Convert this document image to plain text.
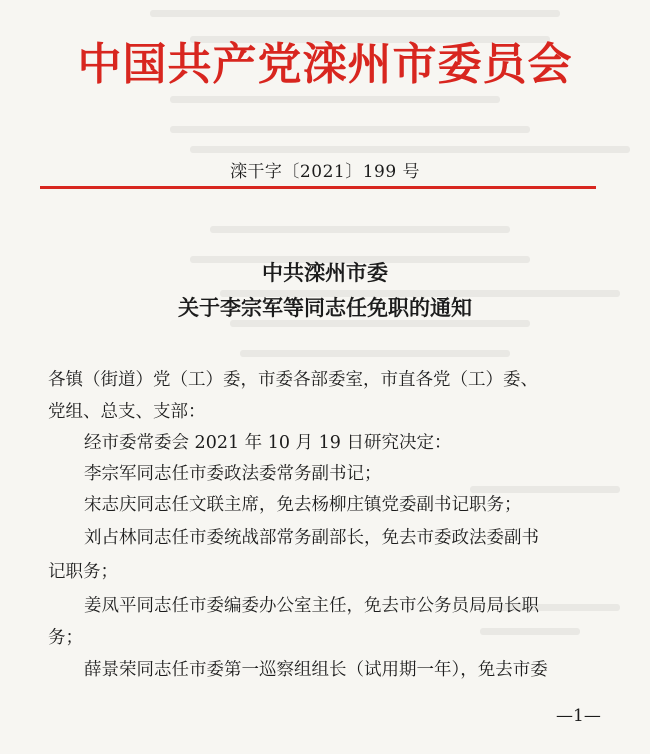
中国共产党滦州市委员会
滦干字〔2021〕199 号
中共滦州市委
关于李宗军等同志任免职的通知
各镇（街道）党（工）委，市委各部委室，市直各党（工）委、
党组、总支、支部：
经市委常委会 2021 年 10 月 19 日研究决定：
李宗军同志任市委政法委常务副书记；
宋志庆同志任文联主席，免去杨柳庄镇党委副书记职务；
刘占林同志任市委统战部常务副部长，免去市委政法委副书
记职务；
姜凤平同志任市委编委办公室主任，免去市公务员局局长职
务；
薛景荣同志任市委第一巡察组组长（试用期一年），免去市委
—1—
